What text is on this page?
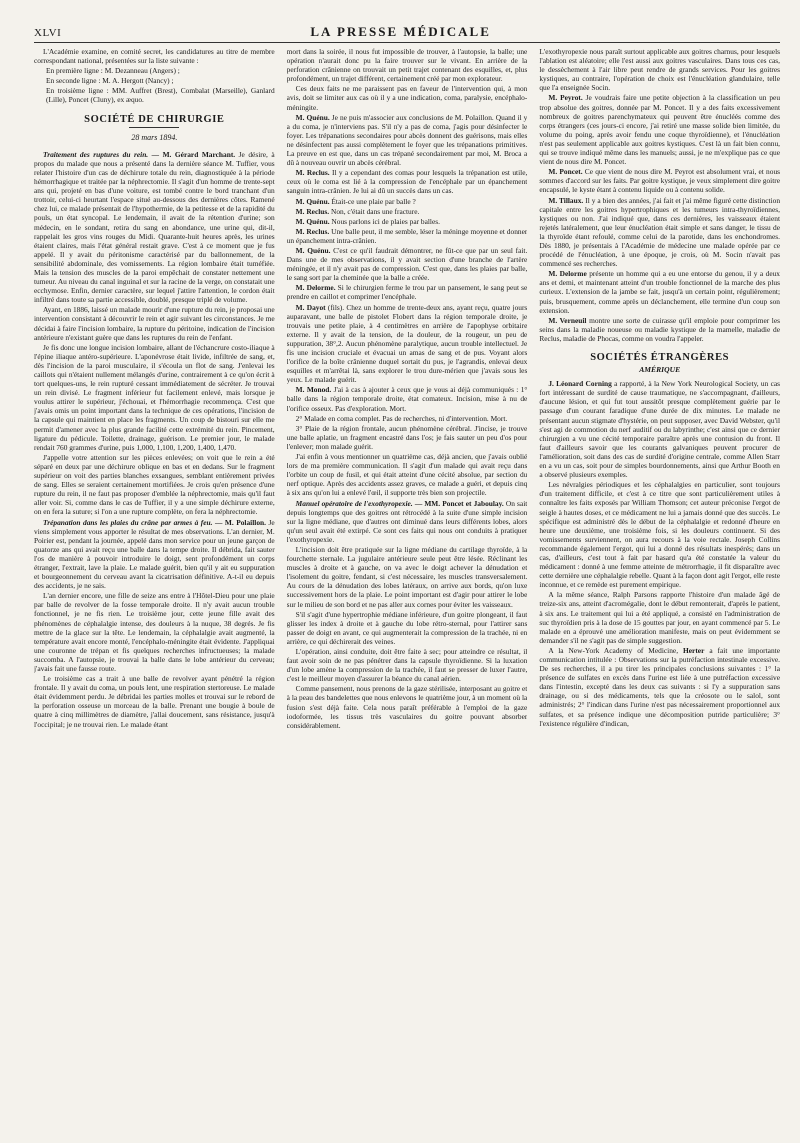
XLVI	LA PRESSE MÉDICALE

L'Académie examine, en comité secret, les candidatures au titre de membre correspondant national, présentées sur la liste suivante :

En première ligne : M. Dezanneau (Angers) ;

En seconde ligne : M. A. Hergott (Nancy) ;

En troisième ligne : MM. Auffret (Brest), Combalat (Marseille), Ganlard (Lille), Poncet (Cluny), ex æquo.

SOCIÉTÉ DE CHIRURGIE
28 mars 1894.

Traitement des ruptures du rein. — M. Gérard Marchant. Je désire, à propos du malade que nous a présenté dans la dernière séance M. Tuffier, vous relater l'histoire d'un cas de déchirure totale du rein, diagnostiquée à la période hémorrhagique et traitée par la néphrectomie. Il s'agit d'un homme de trente-sept ans qui, projeté en bas d'une voiture, est tombé contre le bord tranchant d'un trottoir, celui-ci heurtant l'espace situé au-dessous des dernières côtes. Ramené chez lui, ce malade présentait de l'hypothermie, de la petitesse et de la rapidité du pouls, un état syncopal. Le lendemain, il avait de la rétention d'urine; son médecin, en le sondant, retira du sang en abondance, une urine qui, dit-il, rappelait les gros vins rouges du Midi. Quarante-huit heures après, les urines étaient claires, mais l'état général restait grave. C'est à ce moment que je fus appelé. Il y avait du péritonisme caractérisé par du ballonnement, de la sensibilité abdominale, des vomissements. La région lombaire était tuméfiée. Mais la tension des muscles de la paroi empêchait de constater nettement une tumeur. Au niveau du canal inguinal et sur la racine de la verge, on constatait une ecchymose. Enfin, dernier caractère, sur lequel j'attire l'attention, le cordon était infiltré dans toute sa partie accessible, doublé, presque triplé de volume.

Ayant, en 1886, laissé un malade mourir d'une rupture du rein, je proposai une intervention consistant à découvrir le rein et agir suivant les circonstances. Je me décidai à faire l'incision lombaire, la rupture du péritoine, indication de l'incision antérieure n'existant guère que dans les ruptures du rein de l'enfant.

Je fis donc une longue incision lombaire, allant de l'échancrure costo-iliaque à l'épine iliaque antéro-supérieure. L'aponévrose était livide, infiltrée de sang, et, dès l'incision de la paroi musculaire, il s'écoula un flot de sang. J'enlevai les caillots qui n'étaient nullement mélangés d'urine, contrairement à ce qu'on écrit à tort quelques-uns, le rein rupturé cessant immédiatement de sécréter. Je trouvai un rein divisé. Le fragment inférieur fut facilement enlevé, mais lorsque je voulus attirer le supérieur, j'échouai, et l'hémorrhagie recommença. C'est que j'avais omis un point important dans la technique de ces opérations, l'incision de la capsule qui maintient en place les fragments. Un coup de bistouri sur elle me permit d'amener avec la plus grande facilité cette extrémité du rein. Pincement, ligature du pédicule. Toilette, drainage, guérison. Le premier jour, le malade rendait 760 grammes d'urine, puis 1,000, 1,100, 1,200, 1,400, 1,470.

J'appelle votre attention sur les pièces enlevées; on voit que le rein a été séparé en deux par une déchirure oblique en bas et en dedans. Sur le fragment supérieur on voit des parties blanches exsangues, semblant entièrement privées de sang. Elles se seraient certainement mortifiées. Je crois qu'en présence d'une rupture du rein, il ne faut pas proposer d'emblée la néphrectomie, mais qu'il faut aller voir. Si, comme dans le cas de Tuffier, il y a une simple déchirure externe, on en fera la suture; si l'on a une rupture complète, on fera la néphrectomie.

Trépanation dans les plaies du crâne par armes à feu. — M. Polaillon. Je viens simplement vous apporter le résultat de mes observations. L'an dernier, M. Poirier est, pendant la journée, appelé dans mon service pour un jeune garçon de quatorze ans qui avait reçu une balle dans la tempe droite. Il débrida, fait sauter l'os de manière à pouvoir introduire le doigt, sent profondément un corps étranger, l'extrait, lave la plaie. Le malade guérit, bien qu'il y ait eu suppuration et bourgeonnement du cerveau avant la cicatrisation définitive. A-t-il eu depuis des accidents, je ne sais.

L'an dernier encore, une fille de seize ans entre à l'Hôtel-Dieu pour une plaie par balle de revolver de la fosse temporale droite. Il n'y avait aucun trouble fonctionnel, je ne fis rien. Le troisième jour, cette jeune fille avait des phénomènes de céphalalgie intense, des douleurs à la nuque, 38 degrés. Je fis mettre de la glace sur la tête. Le lendemain, la céphalalgie avait augmenté, la température avait encore monté, l'encéphalo-méningite était évidente. J'appliquai une couronne de trépan et fis quelques recherches infructueuses; la malade succomba. A l'autopsie, je trouvai la balle dans le lobe antérieur du cerveau; j'avais fait une fausse route.

Le troisième cas a trait à une balle de revolver ayant pénétré la région frontale. Il y avait du coma, un pouls lent, une respiration stertoreuse. Le malade était évidemment perdu. Je débridai les parties molles et trouvai sur le rebord de la perforation osseuse un morceau de la balle. Prenant une bougie à boule de quatre à cinq millimètres de diamètre, j'allai doucement, sans résistance, jusqu'à l'occipital; je ne trouvai rien. Le malade étant

mort dans la soirée, il nous fut impossible de trouver, à l'autopsie, la balle; une opération n'aurait donc pu la faire trouver sur le vivant. En arrière de la perforation crânienne on trouvait un petit trajet contenant des esquilles, et, plus profondément, un trajet différent, certainement créé par mon explorateur.

Ces deux faits ne me paraissent pas en faveur de l'intervention qui, à mon avis, doit se limiter aux cas où il y a une indication, coma, paralysie, encéphalo-méningite.

M. Quénu. Je ne puis m'associer aux conclusions de M. Polaillon. Quand il y a du coma, je n'interviens pas. S'il n'y a pas de coma, j'agis pour désinfecter le foyer. Les trépanations secondaires pour abcès donnent des guérisons, mais elles ne désinfectent pas aussi complètement le foyer que les trépanations primitives. La preuve en est que, dans un cas trépané secondairement par moi, M. Broca a dû à nouveau ouvrir un abcès cérébral.

M. Reclus. Il y a cependant des comas pour lesquels la trépanation est utile, ceux où le coma est lié à la compression de l'encéphale par un épanchement sanguin intra-crânien. Je lui ai dû un succès dans un cas.

M. Quénu. Était-ce une plaie par balle ?

M. Reclus. Non, c'était dans une fracture.

M. Quénu. Nous parlons ici de plaies par balles.

M. Reclus. Une balle peut, il me semble, léser la méninge moyenne et donner un épanchement intra-crânien.

M. Quénu. C'est ce qu'il faudrait démontrer, ne fût-ce que par un seul fait. Dans une de mes observations, il y avait section d'une branche de l'artère méningée, et il n'y avait pas de compression. C'est que, dans les plaies par balle, le sang sort par la cheminée que la balle a créée.

M. Delorme. Si le chirurgien ferme le trou par un pansement, le sang peut se prendre en caillot et comprimer l'encéphale.

M. Dayot (fils). Chez un homme de trente-deux ans, ayant reçu, quatre jours auparavant, une balle de pistolet Flobert dans la région temporale droite, je trouvais une petite plaie, à 4 centimètres en arrière de l'apophyse orbitaire externe. Il y avait de la tension, de la douleur, de la rougeur, un peu de suppuration, 38°,2. Aucun phénomène paralytique, aucun trouble intellectuel. Je fis une incision cruciale et évacuai un amas de sang et de pus. Voyant alors l'orifice de la boîte crânienne duquel sortait du pus, je l'agrandis, enlevai deux esquilles et m'arrêtai là, sans explorer le trou dure-mérien que j'avais sous les yeux. Le malade guérit.

M. Monod. J'ai à cas à ajouter à ceux que je vous ai déjà communiqués : 1° balle dans la région temporale droite, état comateux. Incision, mise à nu de l'orifice osseux. Pas d'exploration. Mort.

2° Malade en coma complet. Pas de recherches, ni d'intervention. Mort.

3° Plaie de la région frontale, aucun phénomène cérébral. J'incise, je trouve une balle aplatie, un fragment encastré dans l'os; je fais sauter un peu d'os pour l'enlever; mon malade guérit.

J'ai enfin à vous mentionner un quatrième cas, déjà ancien, que j'avais oublié lors de ma première communication. Il s'agit d'un malade qui avait reçu dans l'orbite un coup de fusil, et qui était atteint d'une cécité absolue, par section du nerf optique. Après des accidents assez graves, ce malade a guéri, et depuis cinq à six ans qu'on lui a enlevé l'œil, il supporte très bien son projectile.

Manuel opératoire de l'exothyropexie. — MM. Poncet et Jaboulay. On sait depuis longtemps que des goitres ont rétrocédé à la suite d'une simple incision sur la ligne médiane, que d'autres ont diminué dans leurs différents lobes, alors qu'un seul avait été extirpé. Ce sont ces faits qui nous ont conduits à pratiquer l'exothyropexie.

L'incision doit être pratiquée sur la ligne médiane du cartilage thyroïde, à la fourchette sternale. La jugulaire antérieure seule peut être lésée. Réclinant les muscles à droite et à gauche, on va avec le doigt achever la dénudation et l'isolement du goitre, fendant, si c'est nécessaire, les muscles transversalement. Au cours de la dénudation des lobes latéraux, on arrive aux bords, qu'on luxe successivement hors de la plaie. Le point important est d'agir pour attirer le lobe sur le milieu de son bord et ne pas aller aux cornes pour éviter les vaisseaux.

S'il s'agit d'une hypertrophie médiane inférieure, d'un goitre plongeant, il faut glisser les index à droite et à gauche du lobe rétro-sternal, pour l'attirer sans passer de doigt en avant, ce qui augmenterait la compression de la trachée, ni en arrière, ce qui déchirerait des veines.

L'opération, ainsi conduite, doit être faite à sec; pour atteindre ce résultat, il faut avoir soin de ne pas pénétrer dans la capsule thyroïdienne. Si la luxation d'un lobe amène la compression de la trachée, il faut se presser de luxer l'autre, c'est le meilleur moyen d'assurer la béance du canal aérien.

Comme pansement, nous prenons de la gaze stérilisée, interposant au goitre et à la peau des bandelettes que nous enlevons le quatrième jour, à un moment où la fusion s'est déjà faite. Cela nous paraît préférable à l'emploi de la gaze iodoformée, les tissus très vasculaires du goitre pouvant absorber considérablement.

L'exothyropexie nous paraît surtout applicable aux goitres charnus, pour lesquels l'ablation est aléatoire; elle l'est aussi aux goitres vasculaires. Dans tous ces cas, le dessèchement à l'air libre peut rendre de grands services. Pour les goitres kystiques, au contraire, l'opération de choix est l'énucléation glandulaire, telle que l'a enseignée Socin.

M. Peyrot. Je voudrais faire une petite objection à la classification un peu trop absolue des goitres, donnée par M. Poncet. Il y a des faits excessivement nombreux de goitres parenchymateux qui peuvent être énucléés comme des corps étrangers (ces jours-ci encore, j'ai retiré une masse solide bien limitée, du volume du poing, après avoir fendu une coque thyroïdienne), et l'énucléation n'est pas seulement applicable aux goitres kystiques. C'est là un fait bien connu, qui se trouve indiqué même dans les manuels; aussi, je ne m'explique pas ce que vient de nous dire M. Poncet.

M. Poncet. Ce que vient de nous dire M. Peyrot est absolument vrai, et nous sommes d'accord sur les faits. Par goitre kystique, je veux simplement dire goitre encapsulé, le kyste étant à contenu liquide ou à contenu solide.

M. Tillaux. Il y a bien des années, j'ai fait et j'ai même figuré cette distinction capitale entre les goitres hypertrophiques et les tumeurs intra-thyroïdiennes, kystiques ou non. J'ai indiqué que, dans ces dernières, les vaisseaux étaient rejetés latéralement, que leur énucléation était simple et sans danger, le tissu de la thyroïde étant refoulé, comme celui de la parotide, dans les enchondromes. Dès 1880, je présentais à l'Académie de médecine une malade opérée par ce procédé de l'énucléation, à une époque, je crois, où M. Socin n'avait pas commencé ses recherches.

M. Delorme présente un homme qui a eu une entorse du genou, il y a deux ans et demi, et maintenant atteint d'un trouble fonctionnel de la marche des plus curieux. L'extension de la jambe se fait, jusqu'à un certain point, régulièrement; puis, brusquement, comme après un déclanchement, elle termine d'un coup son extension.

M. Verneuil montre une sorte de cuirasse qu'il emploie pour comprimer les seins dans la maladie noueuse ou maladie kystique de la mamelle, maladie de Reclus, maladie de Phocas, comme on voudra l'appeler.

SOCIÉTÉS ÉTRANGÈRES
AMÉRIQUE

J. Léonard Corning a rapporté, à la New York Neurological Society, un cas fort intéressant de surdité de cause traumatique, ne s'accompagnant, d'ailleurs, d'aucune lésion, et qui fut tout aussitôt presque complètement guérie par le passage d'un courant faradique d'une durée de dix minutes. Le malade ne présentant aucun stigmate d'hystérie, on peut supposer, avec David Webster, qu'il s'est agi de commotion du nerf auditif ou du labyrinthe; c'est ainsi que ce dernier chirurgien a vu une cécité temporaire paraître après une contusion du front. Il faut d'ailleurs savoir que les courants galvaniques peuvent procurer de l'amélioration, soit dans des cas de surdité d'origine centrale, comme Allen Starr en a vu un cas, soit pour de simples bourdonnements, ainsi que Arthur Booth en a observé plusieurs exemples.

Les névralgies périodiques et les céphalalgies en particulier, sont toujours d'un traitement difficile, et c'est à ce titre que sont particulièrement utiles à connaître les faits exposés par William Thomson; cet auteur préconise l'ergot de seigle à hautes doses, et ce médicament ne lui a jamais donné que des succès. Le spécifique est administré dès le début de la céphalalgie et redonné d'heure en heure une deuxième, une troisième fois, si les douleurs continuent. Si des vomissements surviennent, on aura recours à la voie rectale. Joseph Collins recommande également l'ergot, qui lui a donné des résultats inespérés; dans un cas, d'ailleurs, c'est tout à fait par hasard qu'a été constatée la valeur du médicament : donné à une femme atteinte de métrorrhagie, il fit disparaître avec cette dernière une céphalalgie rebelle. Quant à la façon dont agit l'ergot, elle reste inconnue, et ce remède est purement empirique.

A la même séance, Ralph Parsons rapporte l'histoire d'un malade âgé de treize-six ans, atteint d'acromégalie, dont le début remonterait, d'après le patient, à six ans. Le traitement qui lui a été appliqué, a consisté en l'administration de suc thyroïdien pris à la dose de 15 gouttes par jour, en ayant commencé par 5. Le malade en a éprouvé une amélioration manifeste, mais on peut évidemment se demander s'il ne s'agit pas de simple suggestion.

A la New-York Academy of Medicine, Herter a fait une importante communication intitulée : Observations sur la putréfaction intestinale excessive. De ses recherches, il a pu tirer les principales conclusions suivantes : 1° la présence de sulfates en excès dans l'urine est liée à une putréfaction excessive dans l'intestin, excepté dans les deux cas suivants : si l'y a suppuration sans drainage, ou si des médicaments, tels que la créosote ou le salol, sont administrés; 2° l'indican dans l'urine n'est pas nécessairement proportionnel aux sulfates, et sa présence indique une décomposition putride particulière; 3° l'existence régulière d'indican,
